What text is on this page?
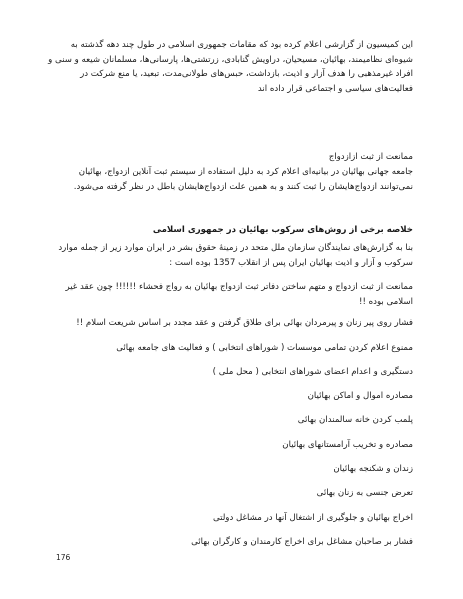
این کمیسیون از گزارشی اعلام کرده بود که مقامات جمهوری اسلامی در طول چند دهه گذشته به شیوه‌ای نظامیمند، بهائیان، مسیحیان، دراویش گنابادی، زرتشتی‌ها، پارسانی‌ها، مسلمانان شیعه و سنی و افراد غیرمذهبی را هدف آزار و اذیت، بازداشت، حبس‌های طولانی‌مدت، تبعید، یا منع شرکت در فعالیت‌های سیاسی و اجتماعی قرار داده اند
ممانعت از ثبت ازازدواج
جامعه جهانی بهائیان در بیانیه‌ای اعلام کرد به دلیل استفاده از سیستم ثبت آنلاین ازدواج، بهائیان نمی‌توانند ازدواج‌هایشان را ثبت کنند و به همین علت ازدواج‌هایشان باطل در نظر گرفته می‌شود.
خلاصه برخی از روش‌های سرکوب بهائیان در جمهوری اسلامی
بنا به گزارش‌های نمایندگان سازمان ملل متحد در زمینهٔ حقوق بشر در ایران موارد زیر از جمله موارد سرکوب و آزار و اذیت بهائیان ایران پس از انقلاب 1357 بوده است :
ممانعت از ثبت ازدواج و متهم ساختن دفاتر ثبت ازدواج بهائیان به رواج فحشاء !!!!!! چون عقد غیر اسلامی بوده !!
فشار روی پیر زنان و پیرمردان بهائی برای طلاق گرفتن و عقد مجدد بر اساس شریعت اسلام !!
ممنوع اعلام کردن تمامی موسسات ( شوراهای انتخابی ) و فعالیت های جامعه بهائی
دستگیری و اعدام اعضای شوراهای انتخابی ( محل ملی )
مصادره اموال و اماکن بهائیان
پلمب کردن خانه سالمندان بهائی
مصادره و تخریب آرامستانهای بهائیان
زندان و شکنجه بهائیان
تعرض جنسی به زنان بهائی
اخراج بهائیان و جلوگیری از اشتغال آنها در مشاغل دولتی
فشار بر صاحبان مشاغل برای اخراج کارمندان و کارگران بهائی
176
